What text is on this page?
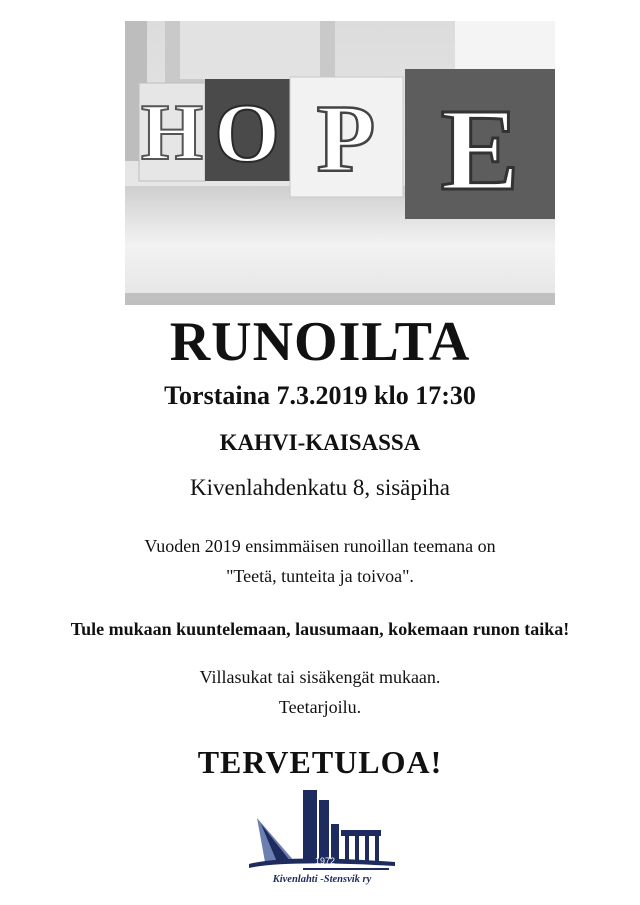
H O P E
RUNOILTA
Torstaina 7.3.2019 klo 17:30
KAHVI-KAISASSA
Kivenlahdenkatu 8, sisäpiha
Vuoden 2019 ensimmäisen runoillan teemana on
"Teetä, tunteita ja toivoa".
Tule mukaan kuuntelemaan, lausumaan, kokemaan runon taika!
Villasukat tai sisäkengät mukaan.
Teetarjoilu.
TERVETULOA!
1972
Kivenlahti -Stensvik ry
